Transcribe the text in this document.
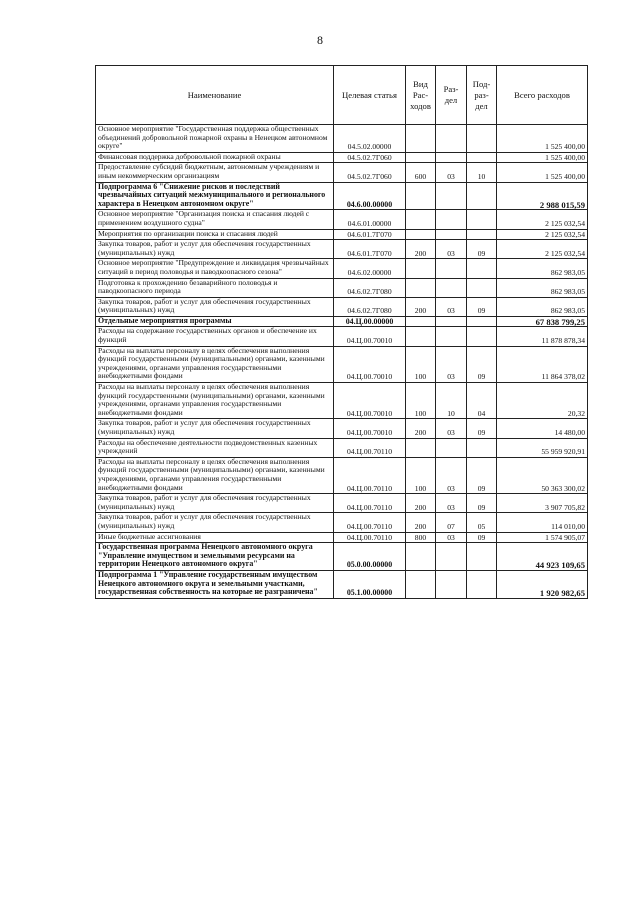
8
Наименование	Целевая статья	Вид Рас-ходов	Раз-дел	Под-раз-дел	Всего расходов
Основное мероприятие "Государственная поддержка общественных объединений добровольной пожарной охраны в Ненецком автономном округе"	04.5.02.00000				1 525 400,00
Финансовая поддержка добровольной пожарной охраны	04.5.02.7Г060				1 525 400,00
Предоставление субсидий бюджетным, автономным учреждениям и иным некоммерческим организациям	04.5.02.7Г060	600	03	10	1 525 400,00
Подпрограмма 6 "Снижение рисков и последствий чрезвычайных ситуаций межмуниципального и регионального характера в Ненецком автономном округе"	04.6.00.00000				2 988 015,59
Основное мероприятие "Организация поиска и спасания людей с применением воздушного судна"	04.6.01.00000				2 125 032,54
Мероприятия по организации поиска и спасания людей	04.6.01.7Г070				2 125 032,54
Закупка товаров, работ и услуг для обеспечения государственных (муниципальных) нужд	04.6.01.7Г070	200	03	09	2 125 032,54
Основное мероприятие "Предупреждение и ликвидация чрезвычайных ситуаций в период половодья и паводкоопасного сезона"	04.6.02.00000				862 983,05
Подготовка к прохождению безаварийного половодья и паводкоопасного периода	04.6.02.7Г080				862 983,05
Закупка товаров, работ и услуг для обеспечения государственных (муниципальных) нужд	04.6.02.7Г080	200	03	09	862 983,05
Отдельные мероприятия программы	04.Ц.00.00000				67 838 799,25
Расходы на содержание государственных органов и обеспечение их функций	04.Ц.00.70010				11 878 878,34
Расходы на выплаты персоналу в целях обеспечения выполнения функций государственными (муниципальными) органами, казенными учреждениями, органами управления государственными внебюджетными фондами	04.Ц.00.70010	100	03	09	11 864 378,02
Расходы на выплаты персоналу в целях обеспечения выполнения функций государственными (муниципальными) органами, казенными учреждениями, органами управления государственными внебюджетными фондами	04.Ц.00.70010	100	10	04	20,32
Закупка товаров, работ и услуг для обеспечения государственных (муниципальных) нужд	04.Ц.00.70010	200	03	09	14 480,00
Расходы на обеспечение деятельности подведомственных казенных учреждений	04.Ц.00.70110				55 959 920,91
Расходы на выплаты персоналу в целях обеспечения выполнения функций государственными (муниципальными) органами, казенными учреждениями, органами управления государственными внебюджетными фондами	04.Ц.00.70110	100	03	09	50 363 300,02
Закупка товаров, работ и услуг для обеспечения государственных (муниципальных) нужд	04.Ц.00.70110	200	03	09	3 907 705,82
Закупка товаров, работ и услуг для обеспечения государственных (муниципальных) нужд	04.Ц.00.70110	200	07	05	114 010,00
Иные бюджетные ассигнования	04.Ц.00.70110	800	03	09	1 574 905,07
Государственная программа Ненецкого автономного округа "Управление имуществом и земельными ресурсами на территории Ненецкого автономного округа"	05.0.00.00000				44 923 109,65
Подпрограмма 1 "Управление государственным имуществом Ненецкого автономного округа и земельными участками, государственная собственность на которые не разграничена"	05.1.00.00000				1 920 982,65
